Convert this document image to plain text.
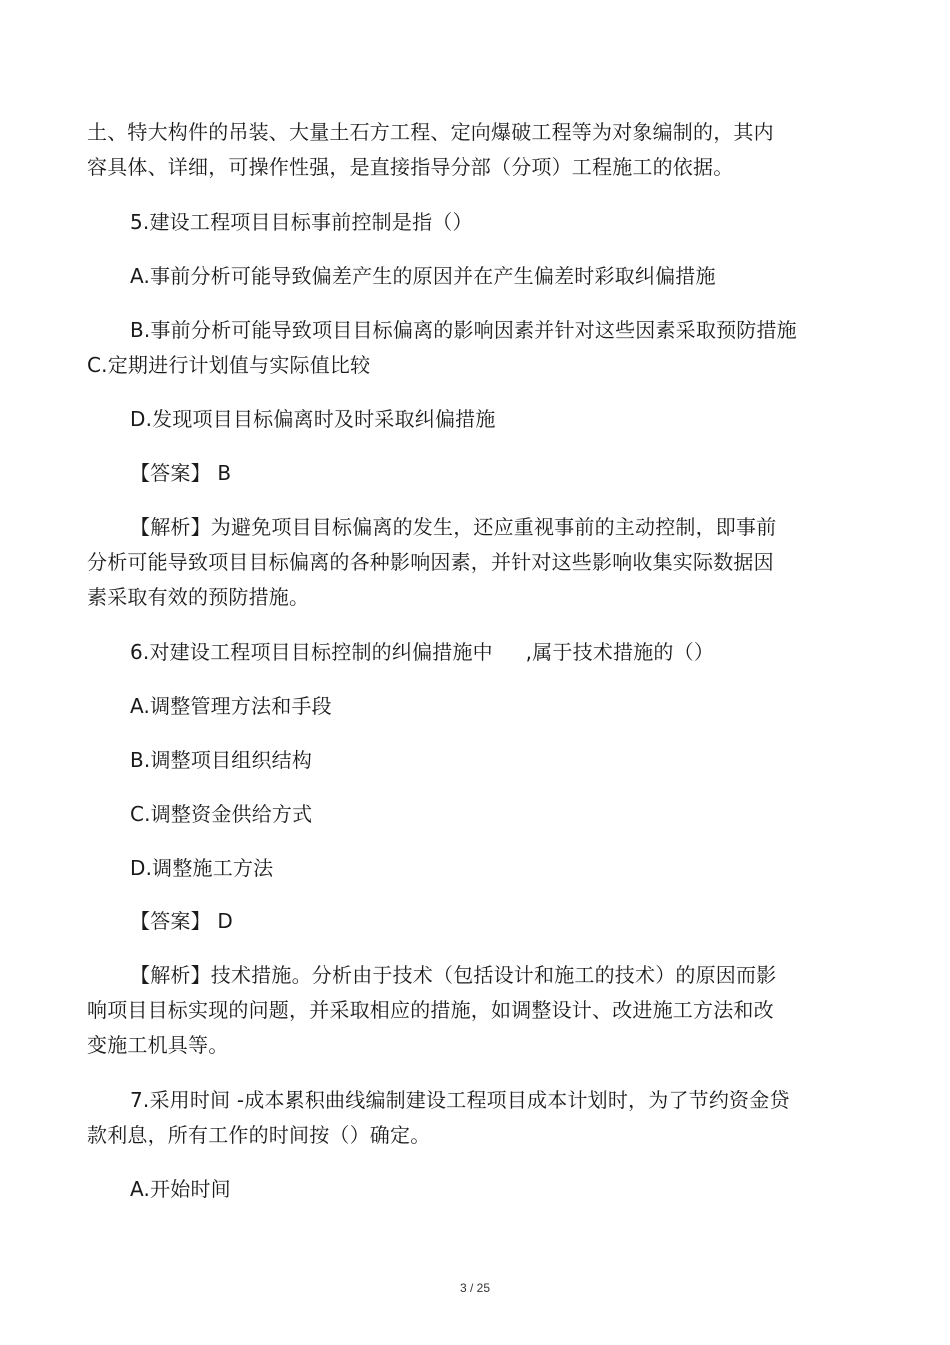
土、特大构件的吊装、大量土石方工程、定向爆破工程等为对象编制的，其内
容具体、详细，可操作性强，是直接指导分部（分项）工程施工的依据。
5.建设工程项目目标事前控制是指（）
A.事前分析可能导致偏差产生的原因并在产生偏差时彩取纠偏措施
B.事前分析可能导致项目目标偏离的影响因素并针对这些因素采取预防措施
C.定期进行计划值与实际值比较
D.发现项目目标偏离时及时采取纠偏措施
【答案】 B
【解析】为避免项目目标偏离的发生，还应重视事前的主动控制，即事前
分析可能导致项目目标偏离的各种影响因素，并针对这些影响收集实际数据因
素采取有效的预防措施。
6.对建设工程项目目标控制的纠偏措施中     ,属于技术措施的（）
A.调整管理方法和手段
B.调整项目组织结构
C.调整资金供给方式
D.调整施工方法
【答案】 D
【解析】技术措施。分析由于技术（包括设计和施工的技术）的原因而影
响项目目标实现的问题，并采取相应的措施，如调整设计、改进施工方法和改
变施工机具等。
7.采用时间 -成本累积曲线编制建设工程项目成本计划时，为了节约资金贷
款利息，所有工作的时间按（）确定。
A.开始时间
3 / 25
